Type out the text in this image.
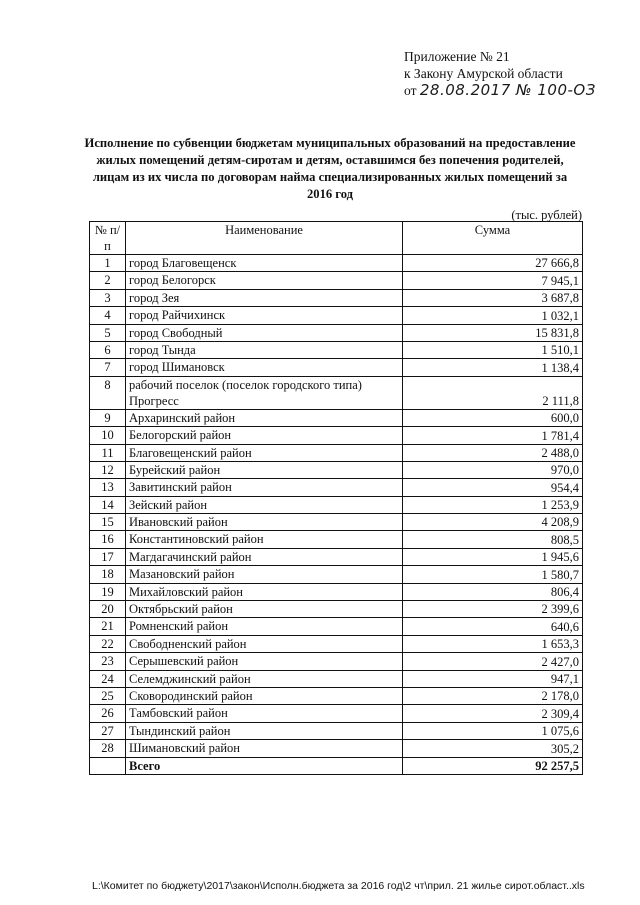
Приложение № 21
к Закону Амурской области
от 28.08.2017 № 100-ОЗ
Исполнение по субвенции бюджетам муниципальных образований на предоставление жилых помещений детям-сиротам и детям, оставшимся без попечения родителей, лицам из их числа по договорам найма специализированных жилых помещений за 2016 год
(тыс. рублей)
№ п/п	Наименование	Сумма
1	город Благовещенск	27 666,8
2	город Белогорск	7 945,1
3	город Зея	3 687,8
4	город Райчихинск	1 032,1
5	город Свободный	15 831,8
6	город Тында	1 510,1
7	город Шимановск	1 138,4
8	рабочий поселок (поселок городского типа) Прогресс	2 111,8
9	Архаринский район	600,0
10	Белогорский район	1 781,4
11	Благовещенский район	2 488,0
12	Бурейский район	970,0
13	Завитинский район	954,4
14	Зейский район	1 253,9
15	Ивановский район	4 208,9
16	Константиновский район	808,5
17	Магдагачинский район	1 945,6
18	Мазановский район	1 580,7
19	Михайловский район	806,4
20	Октябрьский район	2 399,6
21	Ромненский район	640,6
22	Свободненский район	1 653,3
23	Серышевский район	2 427,0
24	Селемджинский район	947,1
25	Сковородинский район	2 178,0
26	Тамбовский район	2 309,4
27	Тындинский район	1 075,6
28	Шимановский район	305,2
	Всего	92 257,5
L:\Комитет по бюджету\2017\закон\Исполн.бюджета за 2016 год\2 чт\прил. 21 жилье сирот.област..xls
